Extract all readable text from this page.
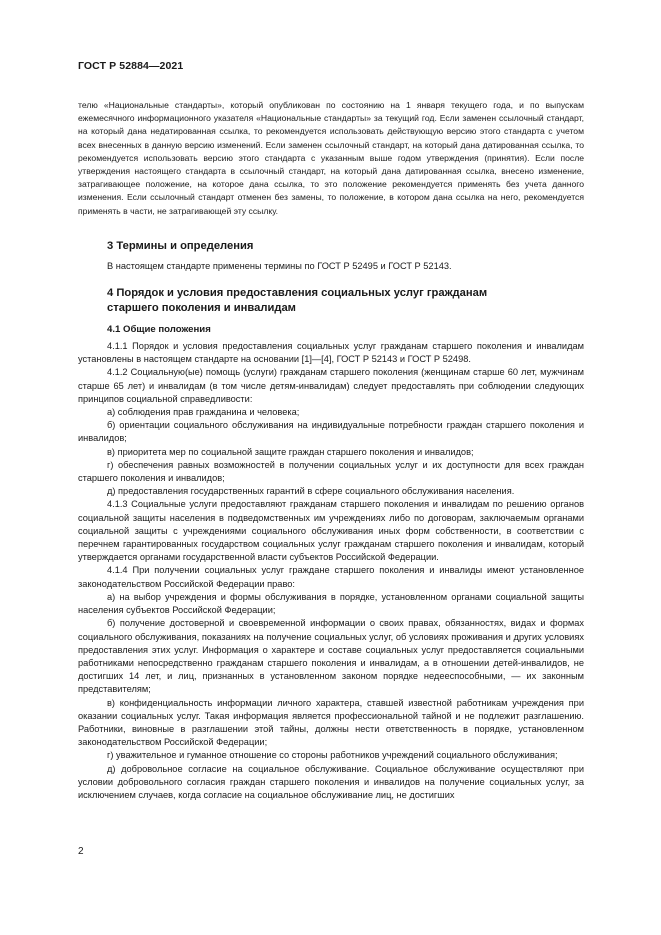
ГОСТ Р 52884—2021

телю «Национальные стандарты», который опубликован по состоянию на 1 января текущего года, и по выпускам ежемесячного информационного указателя «Национальные стандарты» за текущий год. Если заменен ссылочный стандарт, на который дана недатированная ссылка, то рекомендуется использовать действующую версию этого стандарта с учетом всех внесенных в данную версию изменений. Если заменен ссылочный стандарт, на который дана датированная ссылка, то рекомендуется использовать версию этого стандарта с указанным выше годом утверждения (принятия). Если после утверждения настоящего стандарта в ссылочный стандарт, на который дана датированная ссылка, внесено изменение, затрагивающее положение, на которое дана ссылка, то это положение рекомендуется применять без учета данного изменения. Если ссылочный стандарт отменен без замены, то положение, в котором дана ссылка на него, рекомендуется применять в части, не затрагивающей эту ссылку.

3 Термины и определения

В настоящем стандарте применены термины по ГОСТ Р 52495 и ГОСТ Р 52143.

4 Порядок и условия предоставления социальных услуг гражданам

старшего поколения и инвалидам

4.1 Общие положения

4.1.1 Порядок и условия предоставления социальных услуг гражданам старшего поколения и инвалидам установлены в настоящем стандарте на основании [1]—[4], ГОСТ Р 52143 и ГОСТ Р 52498.

4.1.2 Социальную(ые) помощь (услуги) гражданам старшего поколения (женщинам старше 60 лет, мужчинам старше 65 лет) и инвалидам (в том числе детям-инвалидам) следует предоставлять при соблюдении следующих принципов социальной справедливости:

а) соблюдения прав гражданина и человека;

б) ориентации социального обслуживания на индивидуальные потребности граждан старшего поколения и инвалидов;

в) приоритета мер по социальной защите граждан старшего поколения и инвалидов;

г) обеспечения равных возможностей в получении социальных услуг и их доступности для всех граждан старшего поколения и инвалидов;

д) предоставления государственных гарантий в сфере социального обслуживания населения.

4.1.3 Социальные услуги предоставляют гражданам старшего поколения и инвалидам по решению органов социальной защиты населения в подведомственных им учреждениях либо по договорам, заключаемым органами социальной защиты с учреждениями социального обслуживания иных форм собственности, в соответствии с перечнем гарантированных государством социальных услуг гражданам старшего поколения и инвалидам, который утверждается органами государственной власти субъектов Российской Федерации.

4.1.4 При получении социальных услуг граждане старшего поколения и инвалиды имеют установленное законодательством Российской Федерации право:

а) на выбор учреждения и формы обслуживания в порядке, установленном органами социальной защиты населения субъектов Российской Федерации;

б) получение достоверной и своевременной информации о своих правах, обязанностях, видах и формах социального обслуживания, показаниях на получение социальных услуг, об условиях проживания и других условиях предоставления этих услуг. Информация о характере и составе социальных услуг предоставляется социальными работниками непосредственно гражданам старшего поколения и инвалидам, а в отношении детей-инвалидов, не достигших 14 лет, и лиц, признанных в установленном законом порядке недееспособными, — их законным представителям;

в) конфиденциальность информации личного характера, ставшей известной работникам учреждения при оказании социальных услуг. Такая информация является профессиональной тайной и не подлежит разглашению. Работники, виновные в разглашении этой тайны, должны нести ответственность в порядке, установленном законодательством Российской Федерации;

г) уважительное и гуманное отношение со стороны работников учреждений социального обслуживания;

д) добровольное согласие на социальное обслуживание. Социальное обслуживание осуществляют при условии добровольного согласия граждан старшего поколения и инвалидов на получение социальных услуг, за исключением случаев, когда согласие на социальное обслуживание лиц, не достигших

2
